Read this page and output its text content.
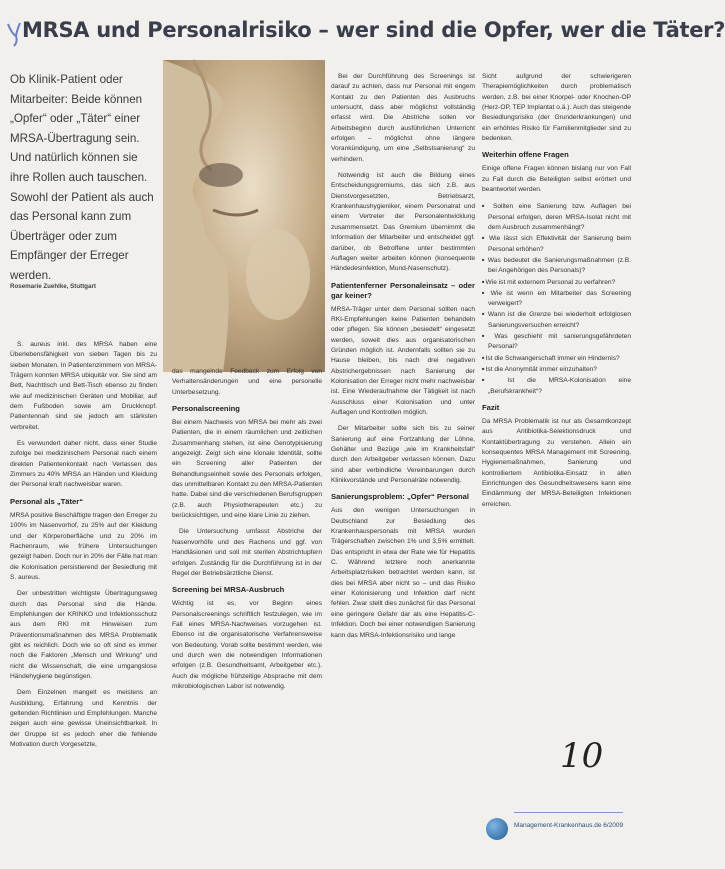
MRSA und Personalrisiko – wer sind die Opfer, wer die Täter?
Ob Klinik-Patient oder Mitarbeiter: Beide können „Opfer“ oder „Täter“ einer MRSA-Übertragung sein. Und natürlich können sie ihre Rollen auch tauschen. Sowohl der Patient als auch das Personal kann zum Überträger oder zum Empfänger der Erreger werden.
Rosemarie Zuehlke, Stuttgart

S. aureus inkl. des MRSA haben eine Überlebensfähigkeit von sieben Tagen bis zu sieben Monaten. In Patientenzimmern von MRSA-Trägern konnten MRSA ubiquitär vor. Sie sind am Bett, Nachttisch und Bett-Tisch ebenso zu finden wie auf medizinischen Geräten und Mobiliar, auf dem Fußboden sowie am Druckknopf. Patientennah sind sie jedoch am stärksten verbreitet.

Es verwundert daher nicht, dass einer Studie zufolge bei medizinischem Personal nach einem direkten Patientenkontakt nach Verlassen des Zimmers zu 40% MRSA an Händen und Kleidung der Personal kraft nachweisbar waren.

Personal als „Täter“

MRSA positive Beschäftigte tragen den Erreger zu 100% im Nasenvorhof, zu 25% auf der Kleidung und der Körperoberfläche und zu 20% im Rachenraum, wie frühere Untersuchungen gezeigt haben. Doch nur in 20% der Fälle hat man die Kolonisation persistierend der Besiedlung mit S. aureus.

Der unbestritten wichtigste Übertragungsweg durch das Personal sind die Hände. Empfehlungen der KRINKO und Infektionsschutz aus dem RKI mit Hinweisen zum Präventionsmaßnahmen des MRSA Problematik gibt es reichlich. Doch wie so oft sind es immer noch die Faktoren „Mensch und Wirkung“ und nicht die Wissenschaft, die eine umgangslose Händehygiene begünstigen.

Dem Einzelnen mangelt es meistens an Ausbildung, Erfahrung und Kenntnis der geltenden Richtlinien und Empfehlungen. Manche zeigen auch eine gewisse Uneinsichtbarkeit. In der Gruppe ist es jedoch eher die fehlende Motivation durch Vorgesetzte,

das mangelnde Feedback zum Erfolg von Verhaltensänderungen und eine personelle Unterbesetzung.

Personalscreening

Bei einem Nachweis von MRSA bei mehr als zwei Patienten, die in einem räumlichen und zeitlichen Zusammenhang stehen, ist eine Genotypisierung angezeigt. Zeigt sich eine klonale Identität, sollte ein Screening aller Patienten der Behandlungseinheit sowie des Personals erfolgen, das unmittelbaren Kontakt zu den MRSA-Patienten hatte. Dabei sind die verschiedenen Berufsgruppen (z.B. auch Physiotherapeuten etc.) zu berücksichtigen, und eine klare Linie zu ziehen.

Die Untersuchung umfasst Abstriche der Nasenvorhöfe und des Rachens und ggf. von Handläsionen und soll mit sterilen Abstrichtupfern erfolgen. Zuständig für die Durchführung ist in der Regel der Betriebsärztliche Dienst.

Screening bei MRSA-Ausbruch

Wichtig ist es, vor Beginn eines Personalscreenings schriftlich festzulegen, wie im Fall eines MRSA-Nachweises vorzugehen ist. Ebenso ist die organisatorische Verfahrensweise von Bedeutung. Vorab sollte bestimmt werden, wie und durch wen die notwendigen Informationen erfolgen (z.B. Gesundheitsamt, Arbeitgeber etc.). Auch die mögliche frühzeitige Absprache mit dem mikrobiologischen Labor ist notwendig.

Bei der Durchführung des Screenings ist darauf zu achten, dass nur Personal mit engem Kontakt zu den Patienten des Ausbruchs untersucht, dass aber möglichst vollständig erfasst wird. Die Abstriche sollen vor Arbeitsbeginn durch ausführlichen Unterricht erfolgen – möglichst ohne längere Vorankündigung, um eine „Selbstsanierung“ zu verhindern.

Notwendig ist auch die Bildung eines Entscheidungsgremiums, das sich z.B. aus Dienstvorgesetzten, Betriebsarzt, Krankenhaushygieniker, einem Personalrat und einem Vertreter der Personalentwicklung zusammensetzt. Das Gremium übernimmt die Information der Mitarbeiter und entscheidet ggf. darüber, ob Betroffene unter bestimmten Auflagen weiter arbeiten können (konsequente Händedesinfektion, Mund-Nasenschutz).

Patientenferner Personaleinsatz – oder gar keiner?

MRSA-Träger unter dem Personal sollten nach RKI-Empfehlungen keine Patienten behandeln oder pflegen. Sie können „besiedelt“ eingesetzt werden, soweit dies aus organisatorischen Gründen möglich ist. Andernfalls sollten sie zu Hause bleiben, bis nach drei negativen Abstrichergebnissen nach Sanierung der Kolonisation der Erreger nicht mehr nachweisbar ist. Eine Wiederaufnahme der Tätigkeit ist nach Ausschluss einer Kolonisation und unter Auflagen und Kontrollen möglich.

Der Mitarbeiter sollte sich bis zu seiner Sanierung auf eine Fortzahlung der Löhne, Gehälter und Bezüge „wie im Krankheitsfall“ durch den Arbeitgeber verlassen können. Dazu sind aber verbindliche Vereinbarungen durch Klinikvorstände und Personalräte notwendig.

Sanierungsproblem: „Opfer“ Personal

Aus den wenigen Untersuchungen in Deutschland zur Besiedlung des Krankenhauspersonals mit MRSA wurden Trägerschaften zwischen 1% und 3,5% ermittelt. Das entspricht in etwa der Rate wie für Hepatitis C. Während letztere noch anerkannte Arbeitsplatzrisiken betrachtet werden kann, ist dies bei MRSA aber nicht so – und das Risiko einer Kolonisierung und Infektion darf nicht fehlen. Zwar stellt dies zunächst für das Personal eine geringere Gefahr dar als eine Hepatitis-C-Infektion. Doch bei einer notwendigen Sanierung kann das MRSA-Infektionsrisiko und lange

Sicht aufgrund der schwierigeren Therapiemöglichkeiten durch problematisch werden, z.B. bei einer Knorpel- oder Knochen-OP (Herz-OP, TEP Implantat o.ä.). Auch das steigende Besiedlungsrisiko (der Grunderkrankungen) und ein erhöhtes Risiko für Familienmitglieder sind zu bedenken.

Weiterhin offene Fragen

Einige offene Fragen können bislang nur von Fall zu Fall durch die Beteiligten selbst erörtert und beantwortet werden.

■ Sollten eine Sanierung bzw. Auflagen bei Personal erfolgen, deren MRSA-Isolat nicht mit dem Ausbruch zusammenhängt?
■ Wie lässt sich Effektivität der Sanierung beim Personal erhöhen?
■ Was bedeutet die Sanierungsmaßnahmen (z.B. bei Angehörigen des Personals)?
■ Wie ist mit externem Personal zu verfahren?
■ Wie ist wenn ein Mitarbeiter das Screening verweigert?
■ Wann ist die Grenze bei wiederholt erfolglosen Sanierungsversuchen erreicht?
■ Was geschieht mit sanierungsgefährdeten Personal?
■ Ist die Schwangerschaft immer ein Hindernis?
■ Ist die Anonymität immer einzuhalten?
■ Ist die MRSA-Kolonisation eine „Berufskrankheit“?
Fazit

Da MRSA Problematik ist nur als Gesamtkonzept aus Antibiotika-Selektionsdruck und Kontaktübertragung zu verstehen. Allein ein konsequentes MRSA Management mit Screening, Hygienemaßnahmen, Sanierung und kontrolliertem Antibiotika-Einsatz in allen Einrichtungen des Gesundheitswesens kann eine Eindämmung der MRSA-Beteiligten Infektionen erreichen.

10
Management-Krankenhaus.de 6/2009
